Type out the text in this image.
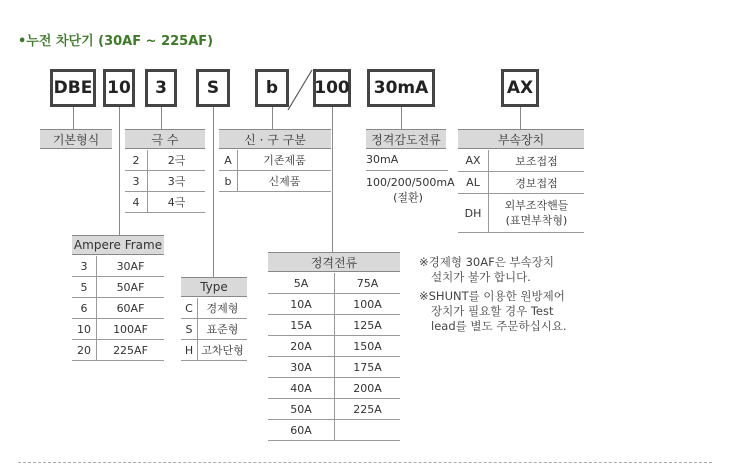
•누전 차단기 (30AF ~ 225AF)
DBE 10	3	S	b	100	30mA	AX
기본형식	극 수
2	2극
3	3극
4	4극
Ampere Frame
3	30AF
5	50AF
6	60AF
10	100AF
20	225AF
Type
C	경제형
S	표준형
H	고차단형
신 · 구 구분
A	기존제품
b	신제품
정격전류
5A	75A
10A	100A
15A	125A
20A	150A
30A	175A
40A	200A
50A	225A
60A	
정격감도전류
30mA
100/200/500mA
(절환)
부속장치
AX	보조접점
AL	경보접점
DH	외부조작핸들
(표면부착형)
※경제형 30AF은 부속장치
설치가 불가 합니다.
※SHUNT를 이용한 원방제어
장치가 필요할 경우 Test
lead를 별도 주문하십시요.
